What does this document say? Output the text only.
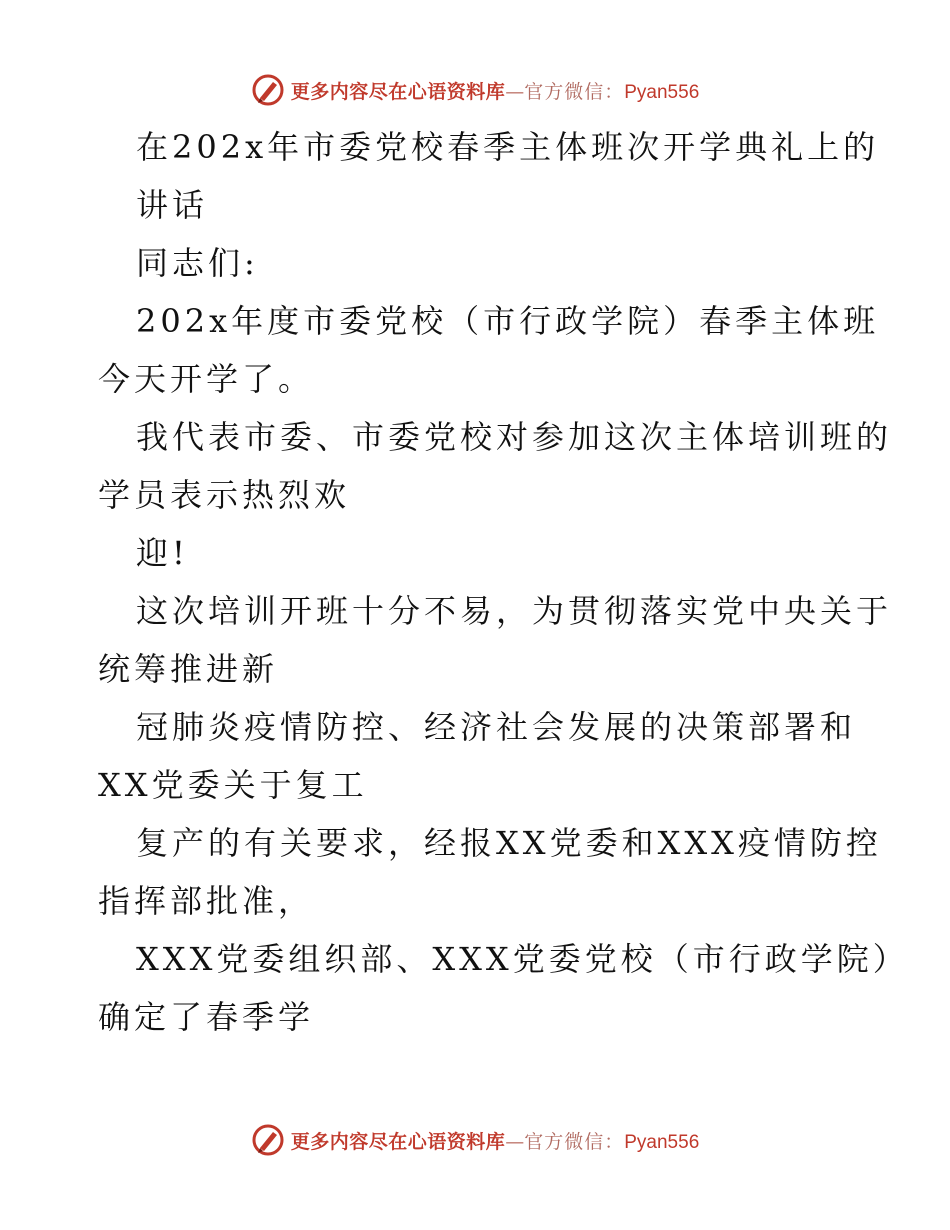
更多内容尽在心语资料库 — 官方微信： Pyan556
在202x年市委党校春季主体班次开学典礼上的
讲话
同志们:
202x年度市委党校（市行政学院）春季主体班
今天开学了。
我代表市委、市委党校对参加这次主体培训班的
学员表示热烈欢
迎!
这次培训开班十分不易，为贯彻落实党中央关于
统筹推进新
冠肺炎疫情防控、经济社会发展的决策部署和
XX党委关于复工
复产的有关要求，经报XX党委和XXX疫情防控
指挥部批准，
XXX党委组织部、XXX党委党校（市行政学院）
确定了春季学
更多内容尽在心语资料库 — 官方微信： Pyan556
